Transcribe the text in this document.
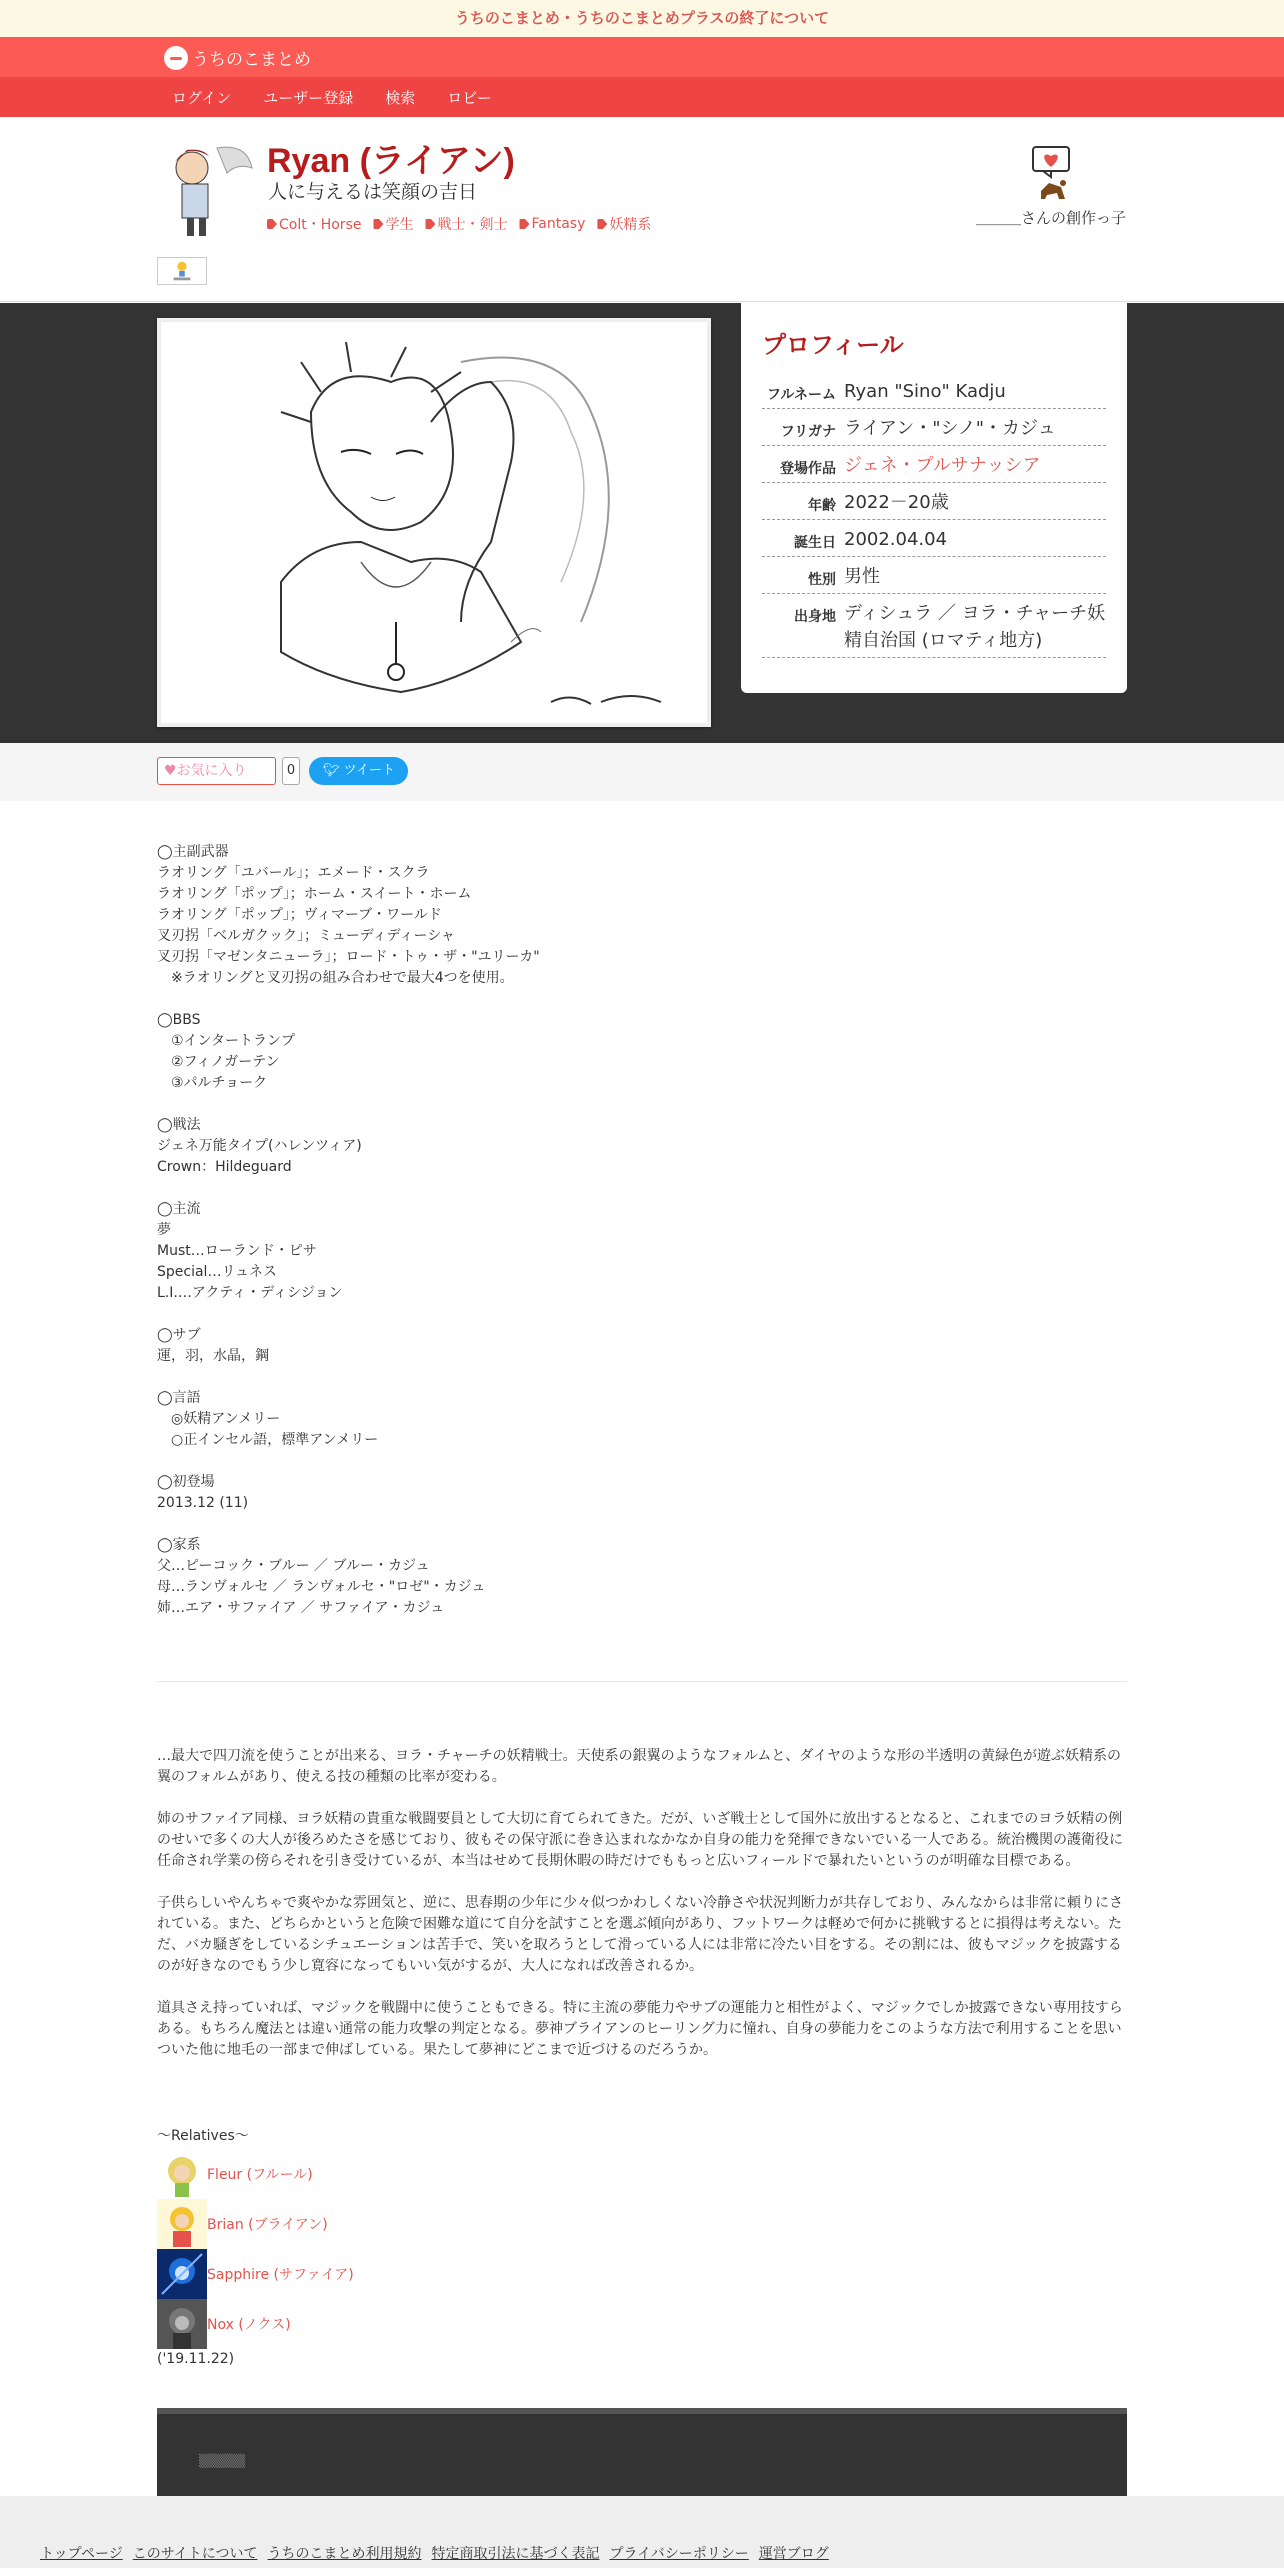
うちのこまとめ・うちのこまとめプラスの終了について
うちのこまとめ
ログイン	ユーザー登録	検索	ロビー
Ryan (ライアン)
人に与えるは笑顔の吉日
Colt・Horse 学生 戦士・剣士 Fantasy 妖精系	＿＿＿さんの創作っ子
プロフィール
フルネーム Ryan "Sino" Kadju
フリガナ ライアン・"シノ"・カジュ
登場作品 ジェネ・プルサナッシア
年齢 2022－20歳
誕生日 2002.04.04
性別 男性
出身地 ディシュラ ／ ヨラ・チャーチ妖精自治国 (ロマティ地方)
♥お気に入り	0	🐦︎ ツイート
◯主副武器
ラオリング「ユバール」；エメード・スクラ
ラオリング「ポップ」；ホーム・スイート・ホーム
ラオリング「ポップ」；ヴィマーブ・ワールド
叉刃拐「ベルガクック」；ミューディディーシャ
叉刃拐「マゼンタニューラ」；ロード・トゥ・ザ・"ユリーカ"
　※ラオリングと叉刃拐の組み合わせで最大4つを使用。

◯BBS
　①インタートランプ
　②フィノガーテン
　③パルチョーク

◯戦法
ジェネ万能タイプ(ハレンツィア)
Crown：Hildeguard

◯主流
夢
Must…ローランド・ピサ
Special…リュネス
L.I.…アクティ・ディシジョン

◯サブ
運，羽，水晶，鋼

◯言語
　◎妖精アンメリー
　○正インセル語，標準アンメリー

◯初登場
2013.12 (11)

◯家系
父…ピーコック・ブルー ／ ブルー・カジュ
母…ランヴォルセ ／ ランヴォルセ・"ロゼ"・カジュ
姉…エア・サファイア ／ サファイア・カジュ

…最大で四刀流を使うことが出来る、ヨラ・チャーチの妖精戦士。天使系の銀翼のようなフォルムと、ダイヤのような形の半透明の黄緑色が遊ぶ妖精系の翼のフォルムがあり、使える技の種類の比率が変わる。

姉のサファイア同様、ヨラ妖精の貴重な戦闘要員として大切に育てられてきた。だが、いざ戦士として国外に放出するとなると、これまでのヨラ妖精の例のせいで多くの大人が後ろめたさを感じており、彼もその保守派に巻き込まれなかなか自身の能力を発揮できないでいる一人である。統治機関の護衛役に任命され学業の傍らそれを引き受けているが、本当はせめて長期休暇の時だけでももっと広いフィールドで暴れたいというのが明確な目標である。

子供らしいやんちゃで爽やかな雰囲気と、逆に、思春期の少年に少々似つかわしくない冷静さや状況判断力が共存しており、みんなからは非常に頼りにされている。また、どちらかというと危険で困難な道にて自分を試すことを選ぶ傾向があり、フットワークは軽めで何かに挑戦するとに損得は考えない。ただ、バカ騒ぎをしているシチュエーションは苦手で、笑いを取ろうとして滑っている人には非常に冷たい目をする。その割には、彼もマジックを披露するのが好きなのでもう少し寛容になってもいい気がするが、大人になれば改善されるか。

道具さえ持っていれば、マジックを戦闘中に使うこともできる。特に主流の夢能力やサブの運能力と相性がよく、マジックでしか披露できない専用技すらある。もちろん魔法とは違い通常の能力攻撃の判定となる。夢神ブライアンのヒーリング力に憧れ、自身の夢能力をこのような方法で利用することを思いついた他に地毛の一部まで伸ばしている。果たして夢神にどこまで近づけるのだろうか。

～Relatives～
Fleur (フルール)
Brian (ブライアン)
Sapphire (サファイア)
Nox (ノクス)
('19.11.22)
▒▒▒▒▒
トップページ このサイトについて うちのこまとめ利用規約 特定商取引法に基づく表記 プライバシーポリシー 運営ブログ
